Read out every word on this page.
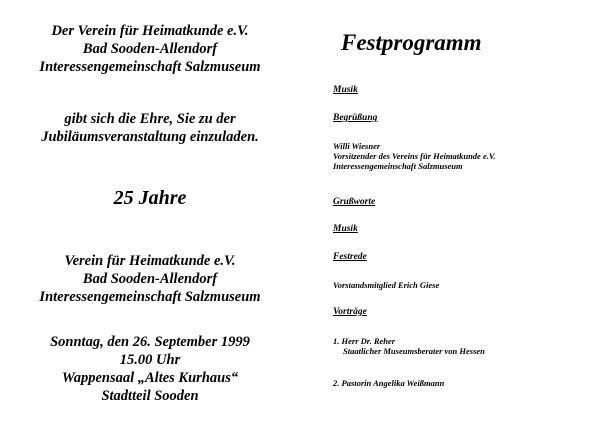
Der Verein für Heimatkunde e.V.
Bad Sooden-Allendorf
Interessengemeinschaft Salzmuseum
gibt sich die Ehre, Sie zu der
Jubiläumsveranstaltung einzuladen.
25 Jahre
Verein für Heimatkunde e.V.
Bad Sooden-Allendorf
Interessengemeinschaft Salzmuseum
Sonntag, den 26. September 1999
15.00 Uhr
Wappensaal „Altes Kurhaus“
Stadtteil Sooden
Festprogramm
Musik
Begrüßung
Willi Wiesner
Vorsitzender des Vereins für Heimatkunde e.V.
Interessengemeinschaft Salzmuseum
Grußworte
Musik
Festrede
Vorstandsmitglied Erich Giese
Vorträge
1. Herr Dr. Reher
Staatlicher Museumsberater von Hessen
2. Pastorin Angelika Weißmann
